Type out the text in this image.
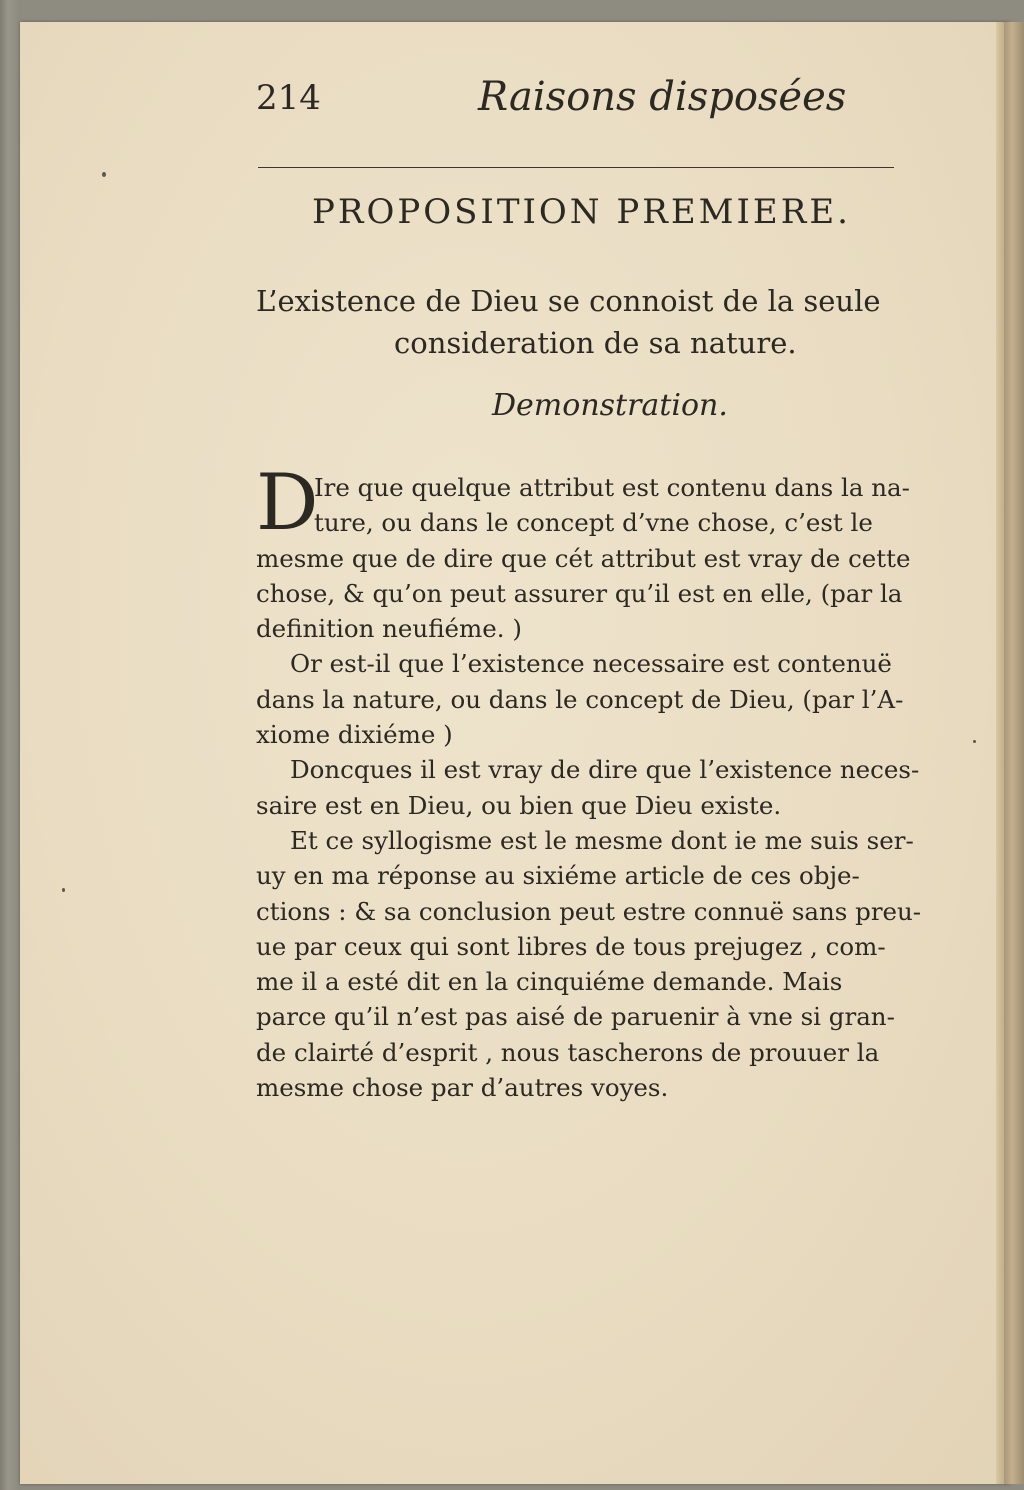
214	Raisons disposées
PROPOSITION PREMIERE.
L’existence de Dieu se connoist de la seule
consideration de sa nature.
Demonstration.
D
Ire que quelque attribut est contenu dans la na-
ture, ou dans le concept d’vne chose, c’est le
mesme que de dire que cét attribut est vray de cette
chose, & qu’on peut assurer qu’il est en elle, (par la
definition neufiéme. )
Or est-il que l’existence necessaire est contenuë
dans la nature, ou dans le concept de Dieu, (par l’A-
xiome dixiéme )
Doncques il est vray de dire que l’existence neces-
saire est en Dieu, ou bien que Dieu existe.
Et ce syllogisme est le mesme dont ie me suis ser-
uy en ma réponse au sixiéme article de ces obje-
ctions : & sa conclusion peut estre connuë sans preu-
ue par ceux qui sont libres de tous prejugez , com-
me il a esté dit en la cinquiéme demande. Mais
parce qu’il n’est pas aisé de paruenir à vne si gran-
de clairté d’esprit , nous tascherons de prouuer la
mesme chose par d’autres voyes.
